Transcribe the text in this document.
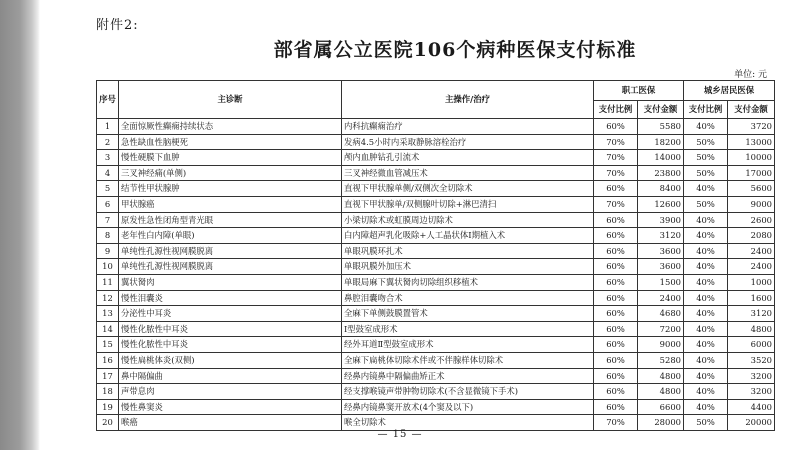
附件2:
部省属公立医院106个病种医保支付标准
单位: 元
序号	主诊断	主操作/治疗	职工医保		城乡居民医保	
			支付比例	支付金额	支付比例	支付金额
1	全面惊厥性癫痫持续状态	内科抗癫痫治疗	60%	5580	40%	3720
2	急性缺血性脑梗死	发病4.5小时内采取静脉溶栓治疗	70%	18200	50%	13000
3	慢性硬膜下血肿	颅内血肿钻孔引流术	70%	14000	50%	10000
4	三叉神经痛(单侧)	三叉神经微血管减压术	70%	23800	50%	17000
5	结节性甲状腺肿	直视下甲状腺单侧/双侧次全切除术	60%	8400	40%	5600
6	甲状腺癌	直视下甲状腺单/双侧腺叶切除+淋巴清扫	70%	12600	50%	9000
7	原发性急性闭角型青光眼	小梁切除术或虹膜周边切除术	60%	3900	40%	2600
8	老年性白内障(单眼)	白内障超声乳化吸除+人工晶状体Ⅰ期植入术	60%	3120	40%	2080
9	单纯性孔源性视网膜脱离	单眼巩膜环扎术	60%	3600	40%	2400
10	单纯性孔源性视网膜脱离	单眼巩膜外加压术	60%	3600	40%	2400
11	翼状胬肉	单眼局麻下翼状胬肉切除组织移植术	60%	1500	40%	1000
12	慢性泪囊炎	鼻腔泪囊吻合术	60%	2400	40%	1600
13	分泌性中耳炎	全麻下单侧鼓膜置管术	60%	4680	40%	3120
14	慢性化脓性中耳炎	I型鼓室成形术	60%	7200	40%	4800
15	慢性化脓性中耳炎	经外耳道Ⅱ型鼓室成形术	60%	9000	40%	6000
16	慢性扁桃体炎(双侧)	全麻下扁桃体切除术伴或不伴腺样体切除术	60%	5280	40%	3520
17	鼻中隔偏曲	经鼻内镜鼻中隔偏曲矫正术	60%	4800	40%	3200
18	声带息肉	经支撑喉镜声带肿物切除术(不含显微镜下手术)	60%	4800	40%	3200
19	慢性鼻窦炎	经鼻内镜鼻窦开放术(4个窦及以下)	60%	6600	40%	4400
20	喉癌	喉全切除术	70%	28000	50%	20000
— 15 —
